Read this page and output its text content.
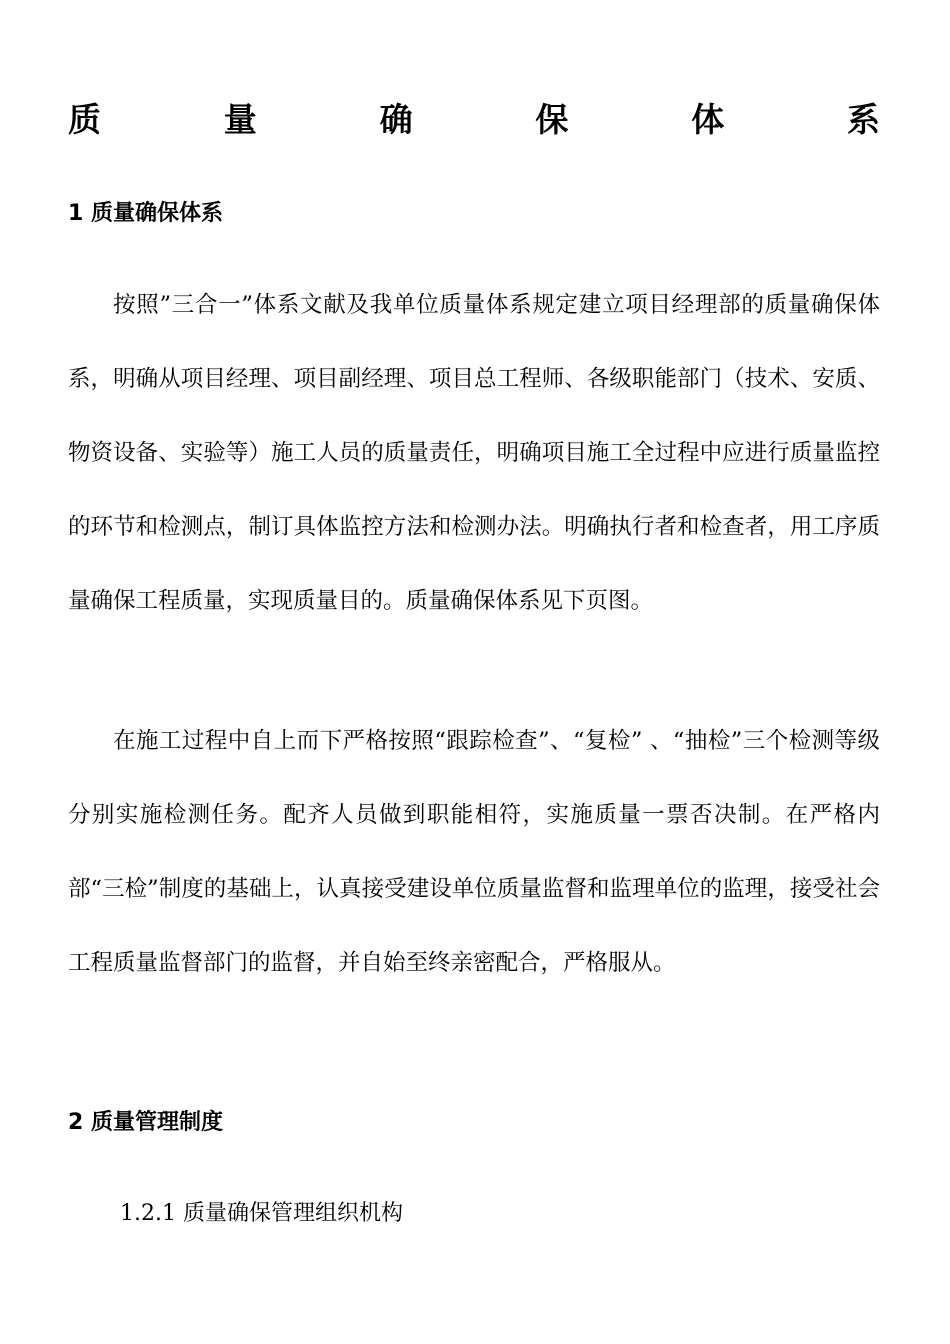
质	量	确	保	体	系
1 质量确保体系

按照”三合一”体系文献及我单位质量体系规定建立项目经理部的质量确保体系，明确从项目经理、项目副经理、项目总工程师、各级职能部门（技术、安质、物资设备、实验等）施工人员的质量责任，明确项目施工全过程中应进行质量监控的环节和检测点，制订具体监控方法和检测办法。明确执行者和检查者，用工序质量确保工程质量，实现质量目的。质量确保体系见下页图。

在施工过程中自上而下严格按照“跟踪检查”、“复检” 、“抽检”三个检测等级分别实施检测任务。配齐人员做到职能相符，实施质量一票否决制。在严格内部“三检”制度的基础上，认真接受建设单位质量监督和监理单位的监理，接受社会工程质量监督部门的监督，并自始至终亲密配合，严格服从。

2 质量管理制度
1.2.1 质量确保管理组织机构
